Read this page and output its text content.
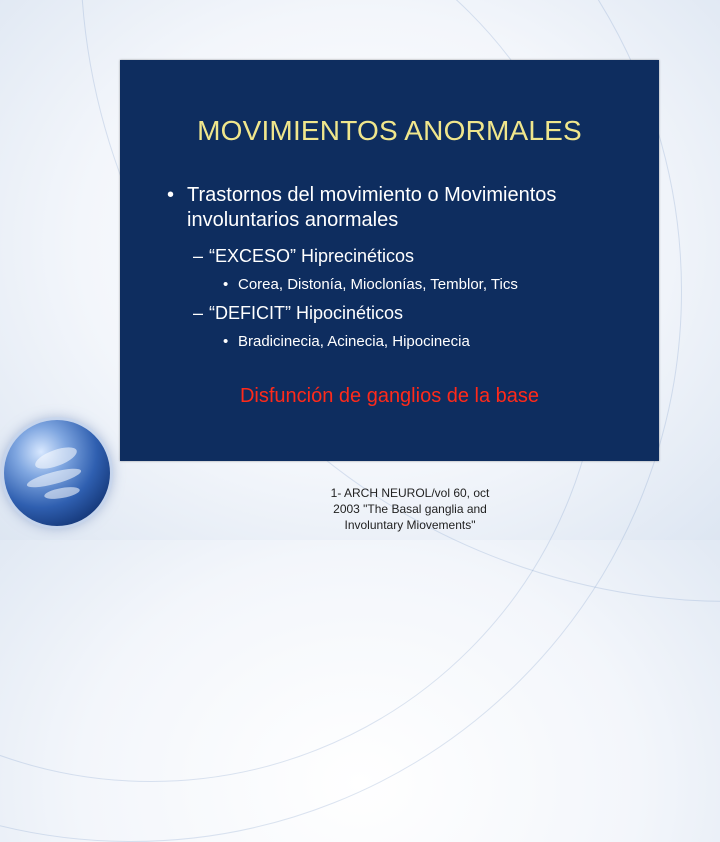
MOVIMIENTOS ANORMALES
• Trastornos del movimiento o Movimientos involuntarios anormales
– “EXCESO” Hiprecinéticos
• Corea, Distonía, Mioclonías, Temblor, Tics
– “DEFICIT” Hipocinéticos
• Bradicinecia, Acinecia, Hipocinecia
Disfunción de ganglios de la base
1- ARCH NEUROL/vol 60, oct
2003 "The Basal ganglia and
Involuntary Miovements"
